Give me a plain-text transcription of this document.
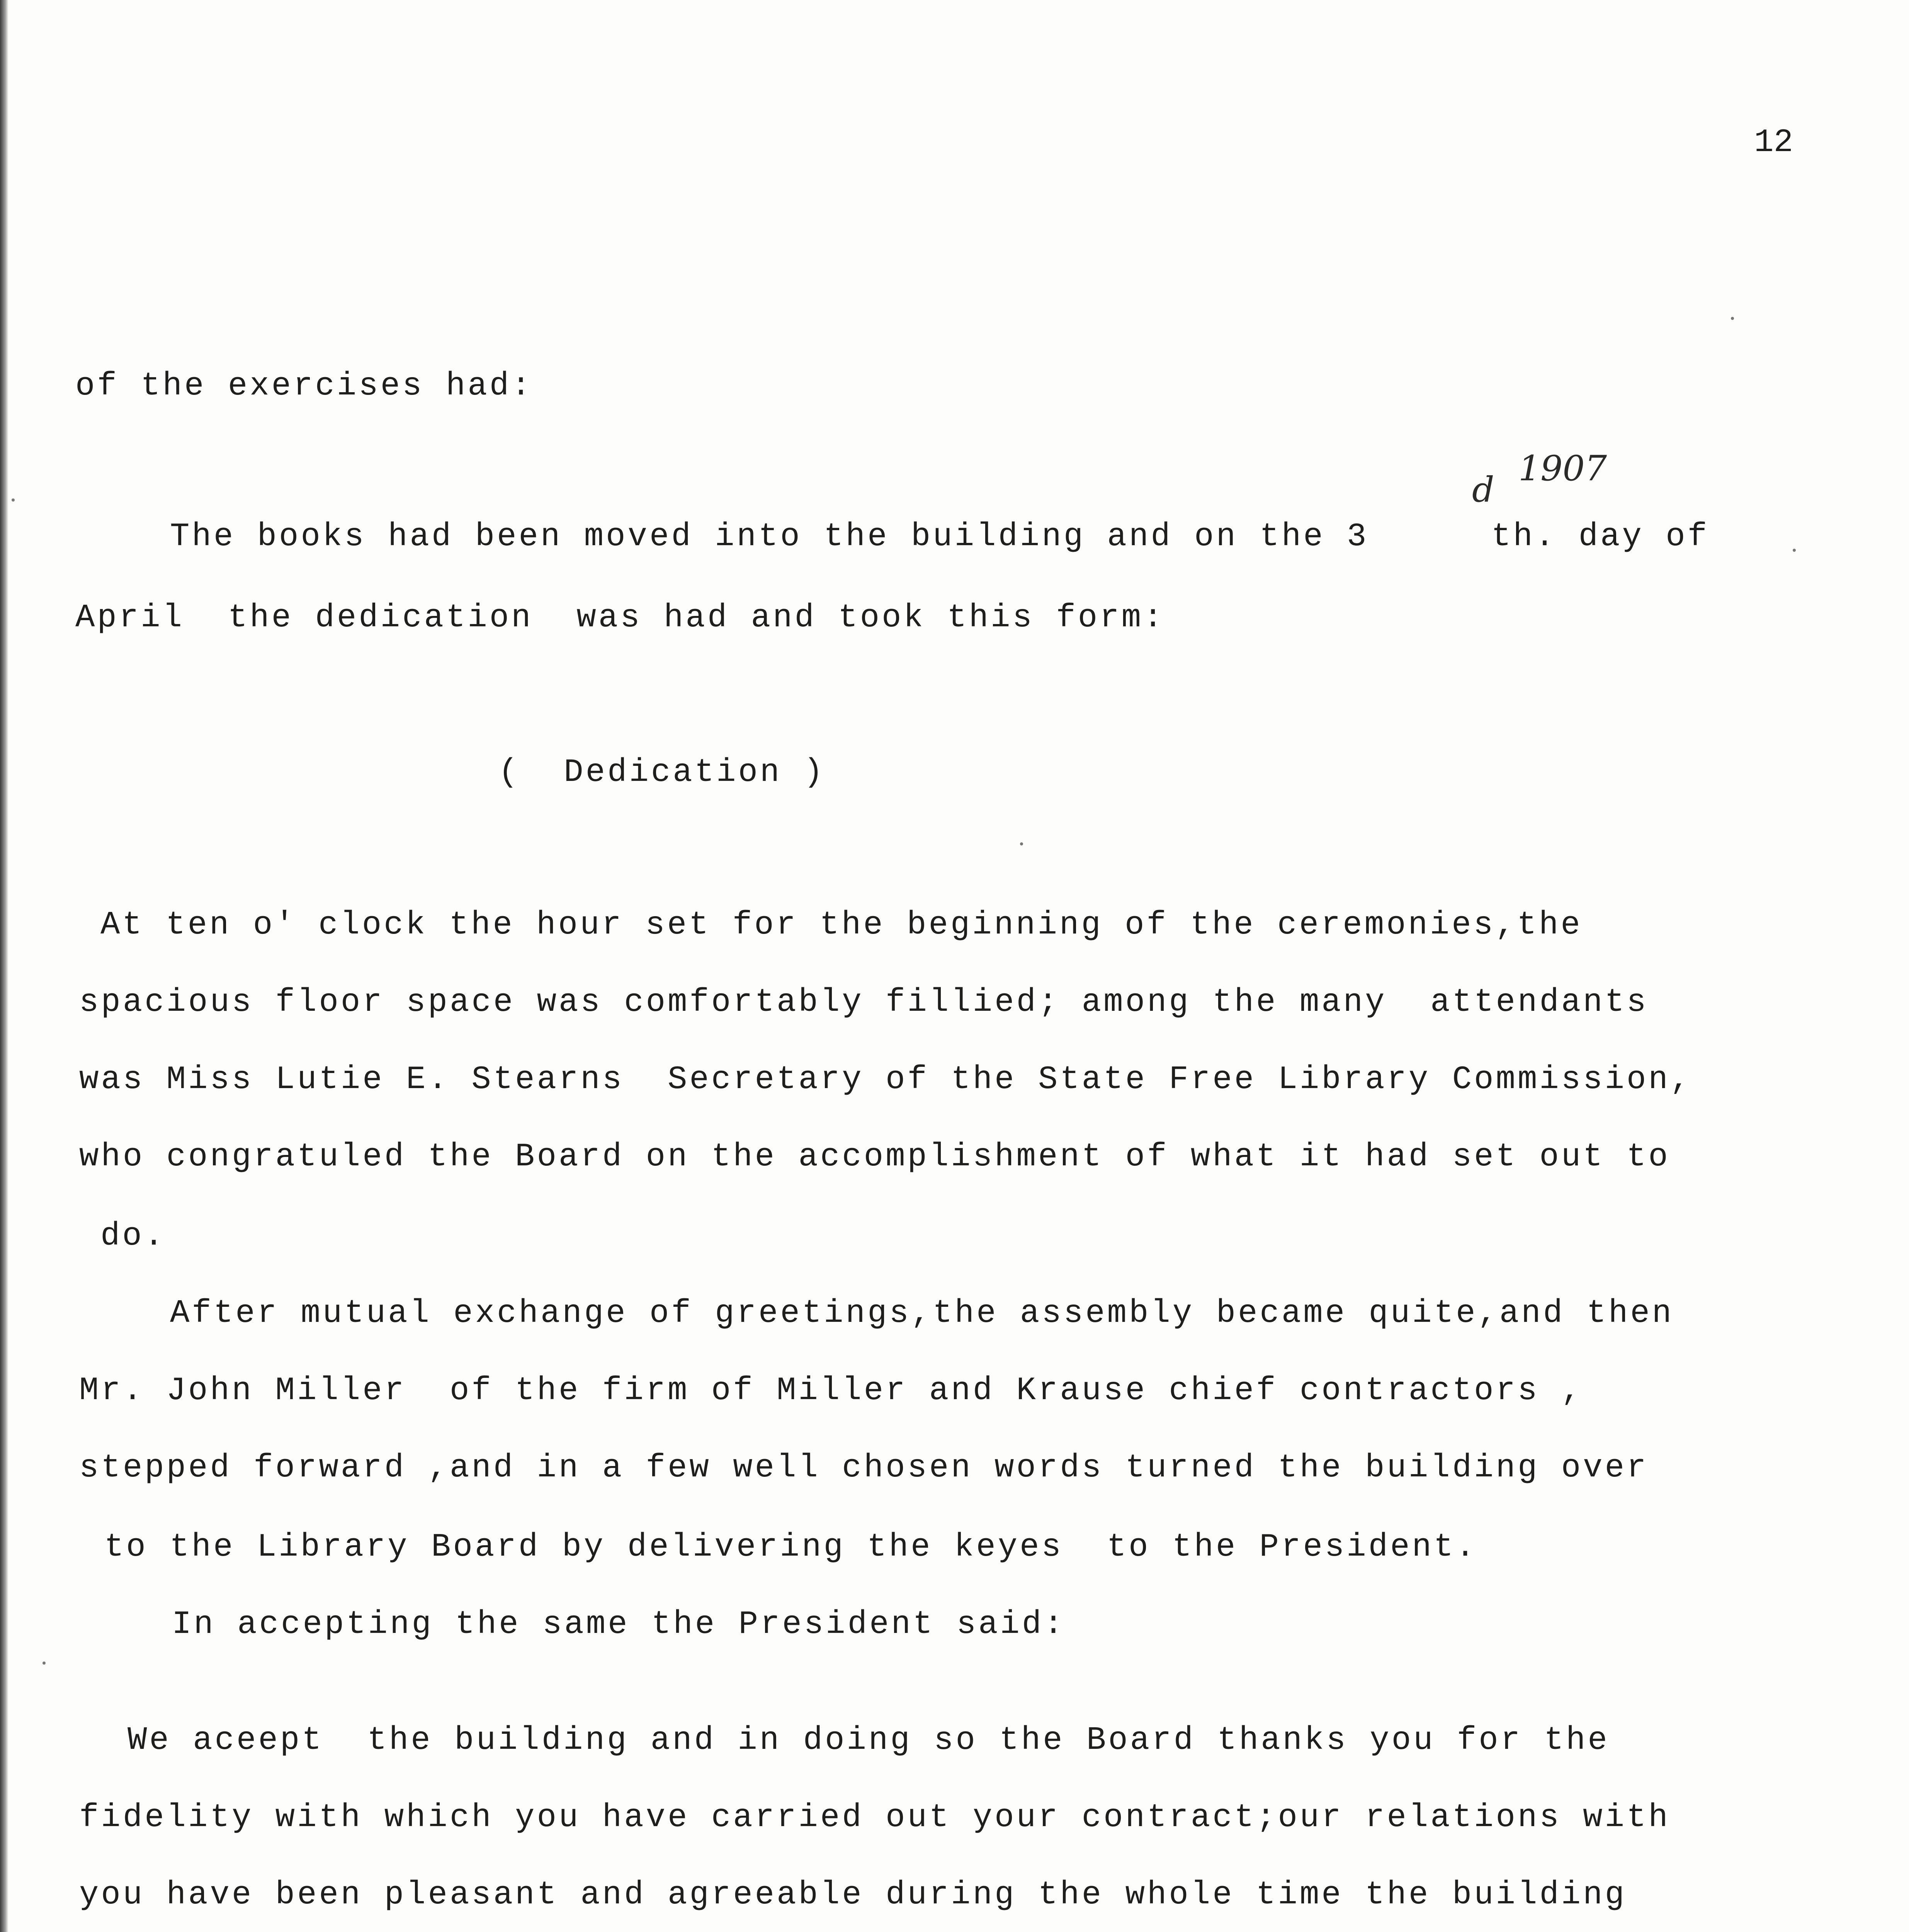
12
of the exercises had:
The books had been moved into the building and on the 3
d
1907
th. day of
April  the dedication  was had and took this form:
(  Dedication )
At ten o' clock the hour set for the beginning of the ceremonies,the
spacious floor space was comfortably fillied; among the many  attendants
was Miss Lutie E. Stearns  Secretary of the State Free Library Commission,
who congratuled the Board on the accomplishment of what it had set out to
do.
After mutual exchange of greetings,the assembly became quite,and then
Mr. John Miller  of the firm of Miller and Krause chief contractors ,
stepped forward ,and in a few well chosen words turned the building over
to the Library Board by delivering the keyes  to the President.
In accepting the same the President said:
We aceept  the building and in doing so the Board thanks you for the
fidelity with which you have carried out your contract;our relations with
you have been pleasant and agreeable during the whole time the building
